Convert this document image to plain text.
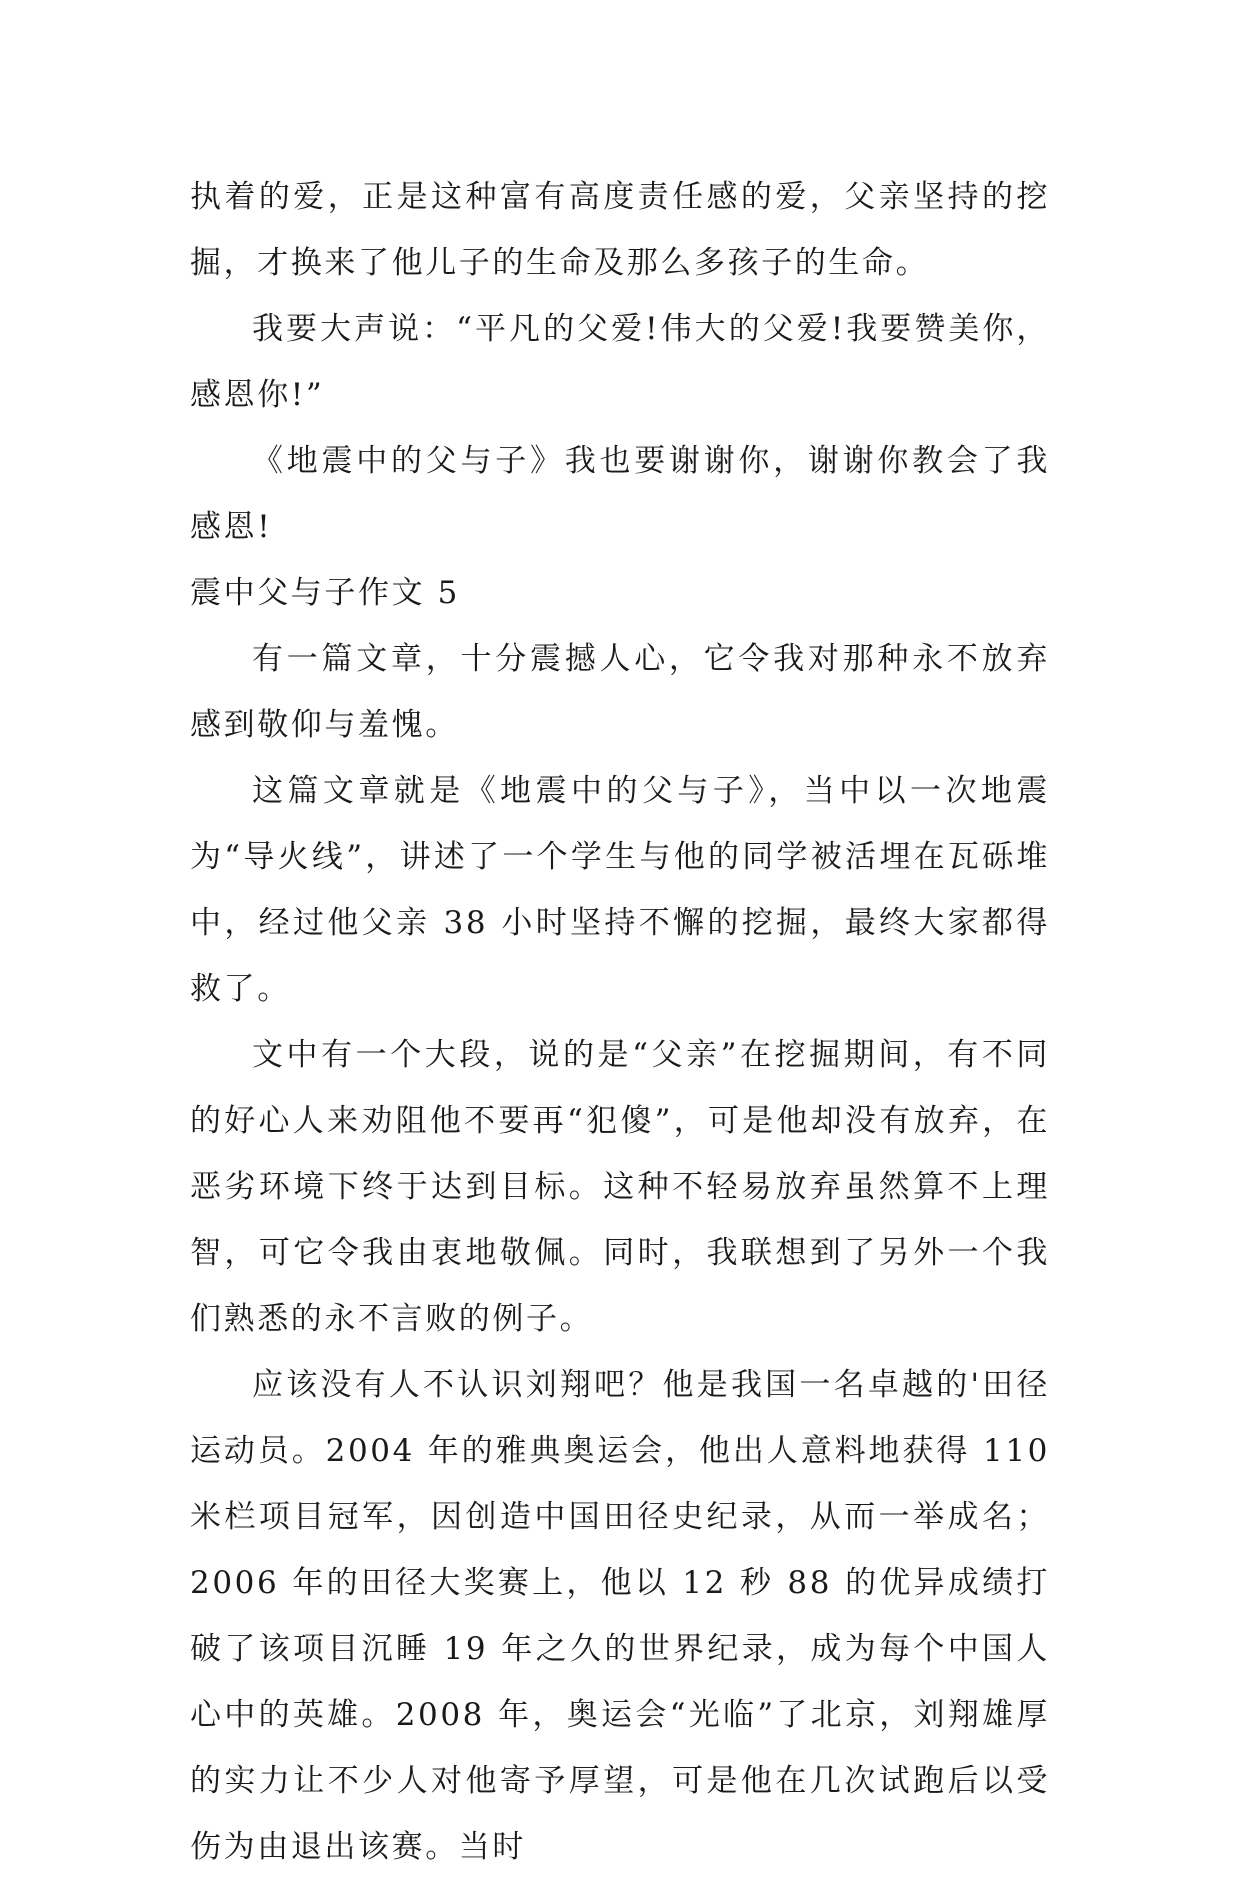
执着的爱，正是这种富有高度责任感的爱，父亲坚持的挖掘，才换来了他儿子的生命及那么多孩子的生命。

我要大声说：“平凡的父爱!伟大的父爱!我要赞美你，感恩你!”

《地震中的父与子》我也要谢谢你，谢谢你教会了我感恩!

震中父与子作文 5

有一篇文章，十分震撼人心，它令我对那种永不放弃感到敬仰与羞愧。

这篇文章就是《地震中的父与子》，当中以一次地震为“导火线”，讲述了一个学生与他的同学被活埋在瓦砾堆中，经过他父亲 38 小时坚持不懈的挖掘，最终大家都得救了。

文中有一个大段，说的是“父亲”在挖掘期间，有不同的好心人来劝阻他不要再“犯傻”，可是他却没有放弃，在恶劣环境下终于达到目标。这种不轻易放弃虽然算不上理智，可它令我由衷地敬佩。同时，我联想到了另外一个我们熟悉的永不言败的例子。

应该没有人不认识刘翔吧？他是我国一名卓越的'田径运动员。2004 年的雅典奥运会，他出人意料地获得 110 米栏项目冠军，因创造中国田径史纪录，从而一举成名；2006 年的田径大奖赛上，他以 12 秒 88 的优异成绩打破了该项目沉睡 19 年之久的世界纪录，成为每个中国人心中的英雄。2008 年，奥运会“光临”了北京，刘翔雄厚的实力让不少人对他寄予厚望，可是他在几次试跑后以受伤为由退出该赛。当时
